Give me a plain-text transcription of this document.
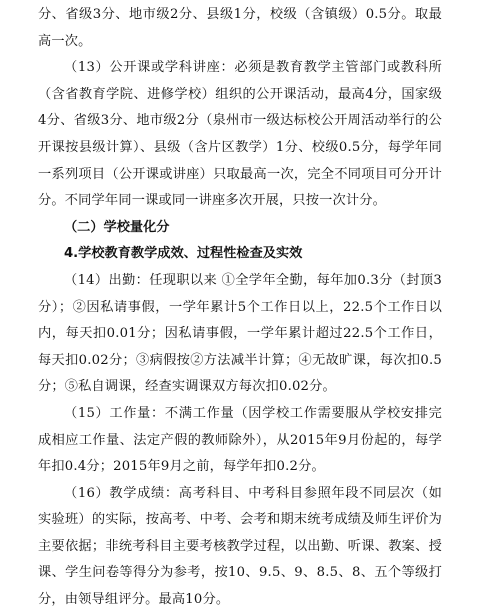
分、省级3分、地市级2分、县级1分，校级（含镇级）0.5分。取最高一次。

（13）公开课或学科讲座：必须是教育教学主管部门或教科所（含省教育学院、进修学校）组织的公开课活动，最高4分，国家级4分、省级3分、地市级2分（泉州市一级达标校公开周活动举行的公开课按县级计算）、县级（含片区教学）1分、校级0.5分，每学年同一系列项目（公开课或讲座）只取最高一次，完全不同项目可分开计分。不同学年同一课或同一讲座多次开展，只按一次计分。

（二）学校量化分

4.学校教育教学成效、过程性检查及实效

（14）出勤：任现职以来 ①全学年全勤，每年加0.3分（封顶3分）；②因私请事假，一学年累计5个工作日以上，22.5个工作日以内，每天扣0.01分；因私请事假，一学年累计超过22.5个工作日，每天扣0.02分；③病假按②方法减半计算；④无故旷课，每次扣0.5分；⑤私自调课，经查实调课双方每次扣0.02分。

（15）工作量：不满工作量（因学校工作需要服从学校安排完成相应工作量、法定产假的教师除外），从2015年9月份起的，每学年扣0.4分；2015年9月之前，每学年扣0.2分。

（16）教学成绩：高考科目、中考科目参照年段不同层次（如实验班）的实际，按高考、中考、会考和期末统考成绩及师生评价为主要依据；非统考科目主要考核教学过程，以出勤、听课、教案、授课、学生问卷等得分为参考，按10、9.5、9、8.5、8、五个等级打分，由领导组评分。最高10分。
